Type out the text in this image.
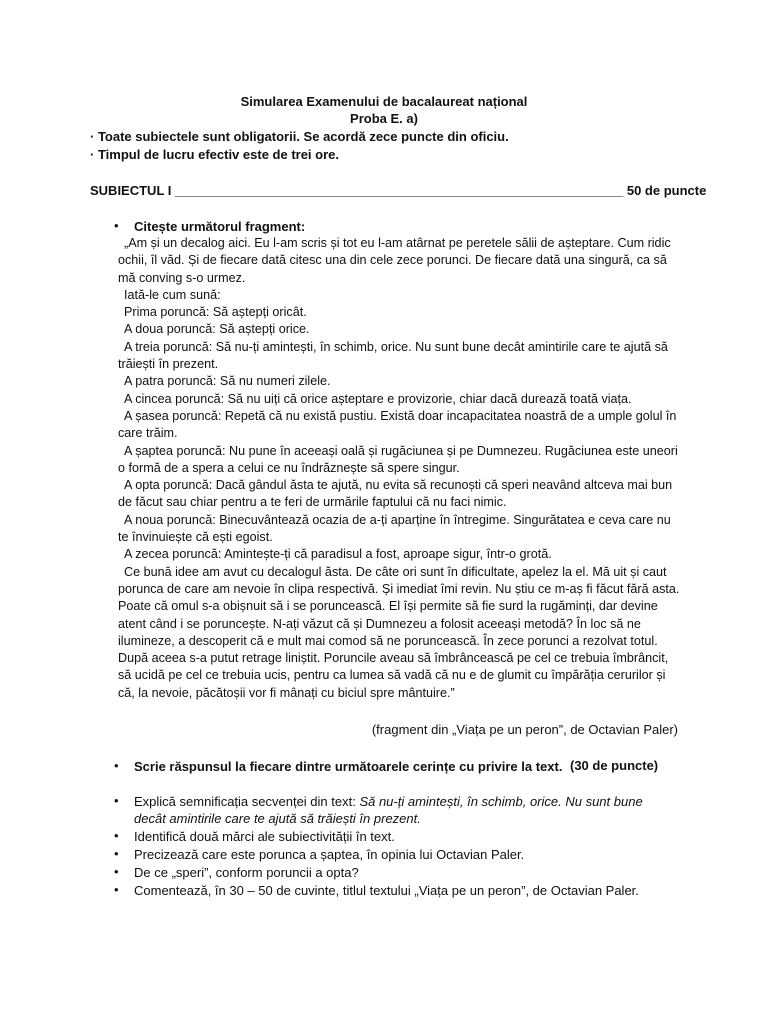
Simularea Examenului de bacalaureat național
Proba E. a)
· Toate subiectele sunt obligatorii. Se acordă zece puncte din oficiu.
· Timpul de lucru efectiv este de trei ore.
SUBIECTUL I ______________________________________________________________ 50 de puncte
•	Citește următorul fragment:

„Am și un decalog aici. Eu l-am scris și tot eu l-am atârnat pe peretele sălii de așteptare. Cum ridic ochii, îl văd. Și de fiecare dată citesc una din cele zece porunci. De fiecare dată una singură, ca să mă conving s-o urmez.

Iată-le cum sună:

Prima poruncă: Să aștepți oricât.

A doua poruncă: Să aștepți orice.

A treia poruncă: Să nu-ți amintești, în schimb, orice. Nu sunt bune decât amintirile care te ajută să trăiești în prezent.

A patra poruncă: Să nu numeri zilele.

A cincea poruncă: Să nu uiți că orice așteptare e provizorie, chiar dacă durează toată viața.

A șasea poruncă: Repetă că nu există pustiu. Există doar incapacitatea noastră de a umple golul în care trăim.

A șaptea poruncă: Nu pune în aceeași oală și rugăciunea și pe Dumnezeu. Rugăciunea este uneori o formă de a spera a celui ce nu îndrăznește să spere singur.

A opta poruncă: Dacă gândul ăsta te ajută, nu evita să recunoști că speri neavând altceva mai bun de făcut sau chiar pentru a te feri de urmările faptului că nu faci nimic.

A noua poruncă: Binecuvântează ocazia de a-ți aparține în întregime. Singurătatea e ceva care nu te învinuiește că ești egoist.

A zecea poruncă: Amintește-ți că paradisul a fost, aproape sigur, într-o grotă.

Ce bună idee am avut cu decalogul ăsta. De câte ori sunt în dificultate, apelez la el. Mă uit și caut porunca de care am nevoie în clipa respectivă. Și imediat îmi revin. Nu știu ce m-aș fi făcut fără asta. Poate că omul s-a obișnuit să i se poruncească. El își permite să fie surd la rugăminți, dar devine atent când i se poruncește. N-ați văzut că și Dumnezeu a folosit aceeași metodă? În loc să ne ilumineze, a descoperit că e mult mai comod să ne poruncească. În zece porunci a rezolvat totul. După aceea s-a putut retrage liniștit. Poruncile aveau să îmbrâncească pe cel ce trebuia îmbrâncit, să ucidă pe cel ce trebuia ucis, pentru ca lumea să vadă că nu e de glumit cu împărăția cerurilor și că, la nevoie, păcătoșii vor fi mânați cu biciul spre mântuire.”

(fragment din „Viața pe un peron”, de Octavian Paler)
•	Scrie răspunsul la fiecare dintre următoarele cerințe cu privire la text. (30 de puncte)
•	Explică semnificația secvenței din text: Să nu-ți amintești, în schimb, orice. Nu sunt bune decât amintirile care te ajută să trăiești în prezent.
•	Identifică două mărci ale subiectivității în text.
•	Precizează care este porunca a șaptea, în opinia lui Octavian Paler.
•	De ce „speri”, conform poruncii a opta?
•	Comentează, în 30 – 50 de cuvinte, titlul textului „Viața pe un peron”, de Octavian Paler.
